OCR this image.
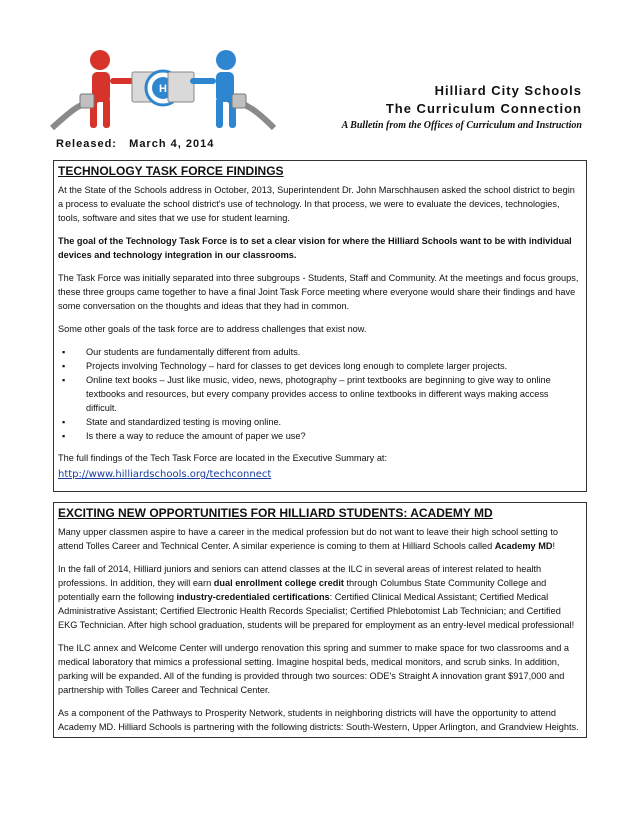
H	Hilliard City Schools
The Curriculum Connection
A Bulletin from the Offices of Curriculum and Instruction
Released: March 4, 2014
TECHNOLOGY TASK FORCE FINDINGS

At the State of the Schools address in October, 2013, Superintendent Dr. John Marschhausen asked the school district to begin a process to evaluate the school district's use of technology. In that process, we were to evaluate the devices, technologies, tools, software and sites that we use for student learning.

The goal of the Technology Task Force is to set a clear vision for where the Hilliard Schools want to be with individual devices and technology integration in our classrooms.

The Task Force was initially separated into three subgroups - Students, Staff and Community. At the meetings and focus groups, these three groups came together to have a final Joint Task Force meeting where everyone would share their findings and have some conversation on the thoughts and ideas that they had in common.

Some other goals of the task force are to address challenges that exist now.

▪ Our students are fundamentally different from adults.
▪ Projects involving Technology – hard for classes to get devices long enough to complete larger projects.
▪ Online text books – Just like music, video, news, photography – print textbooks are beginning to give way to online textbooks and resources, but every company provides access to online textbooks in different ways making access difficult.
▪ State and standardized testing is moving online.
▪ Is there a way to reduce the amount of paper we use?

The full findings of the Tech Task Force are located in the Executive Summary at:

http://www.hilliardschools.org/techconnect
EXCITING NEW OPPORTUNITIES FOR HILLIARD STUDENTS: ACADEMY MD

Many upper classmen aspire to have a career in the medical profession but do not want to leave their high school setting to attend Tolles Career and Technical Center. A similar experience is coming to them at Hilliard Schools called Academy MD!

In the fall of 2014, Hilliard juniors and seniors can attend classes at the ILC in several areas of interest related to health professions. In addition, they will earn dual enrollment college credit through Columbus State Community College and potentially earn the following industry-credentialed certifications: Certified Clinical Medical Assistant; Certified Medical Administrative Assistant; Certified Electronic Health Records Specialist; Certified Phlebotomist Lab Technician; and Certified EKG Technician. After high school graduation, students will be prepared for employment as an entry-level medical professional!

The ILC annex and Welcome Center will undergo renovation this spring and summer to make space for two classrooms and a medical laboratory that mimics a professional setting. Imagine hospital beds, medical monitors, and scrub sinks. In addition, parking will be expanded. All of the funding is provided through two sources: ODE's Straight A innovation grant $917,000 and partnership with Tolles Career and Technical Center.

As a component of the Pathways to Prosperity Network, students in neighboring districts will have the opportunity to attend Academy MD. Hilliard Schools is partnering with the following districts: South-Western, Upper Arlington, and Grandview Heights.
